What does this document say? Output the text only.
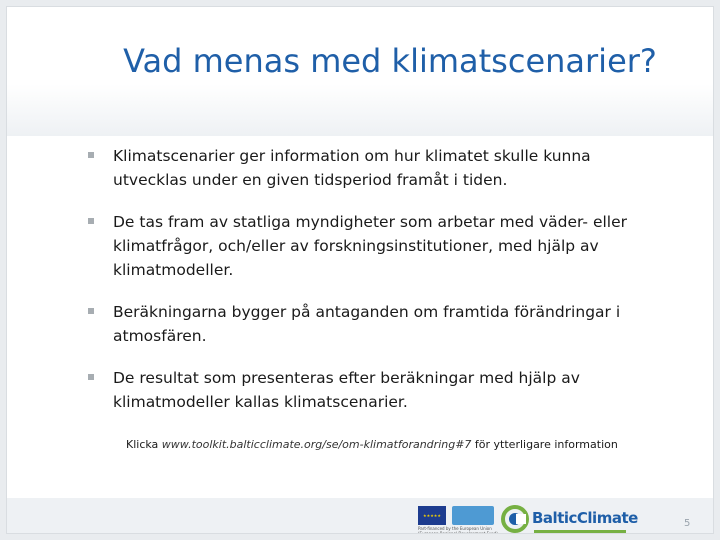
Vad menas med klimatscenarier?
Klimatscenarier ger information om hur klimatet skulle kunna utvecklas under en given tidsperiod framåt i tiden.
De tas fram av statliga myndigheter som arbetar med väder- eller klimatfrågor, och/eller av forskningsinstitutioner, med hjälp av klimatmodeller.
Beräkningarna bygger på antaganden om framtida förändringar i atmosfären.
De resultat som presenteras efter beräkningar med hjälp av klimatmodeller kallas klimatscenarier.
Klicka www.toolkit.balticclimate.org/se/om-klimatforandring#7 för ytterligare information
★★★★★
Part-financed by the European Union (European Regional Development Fund)
BalticClimate	5
